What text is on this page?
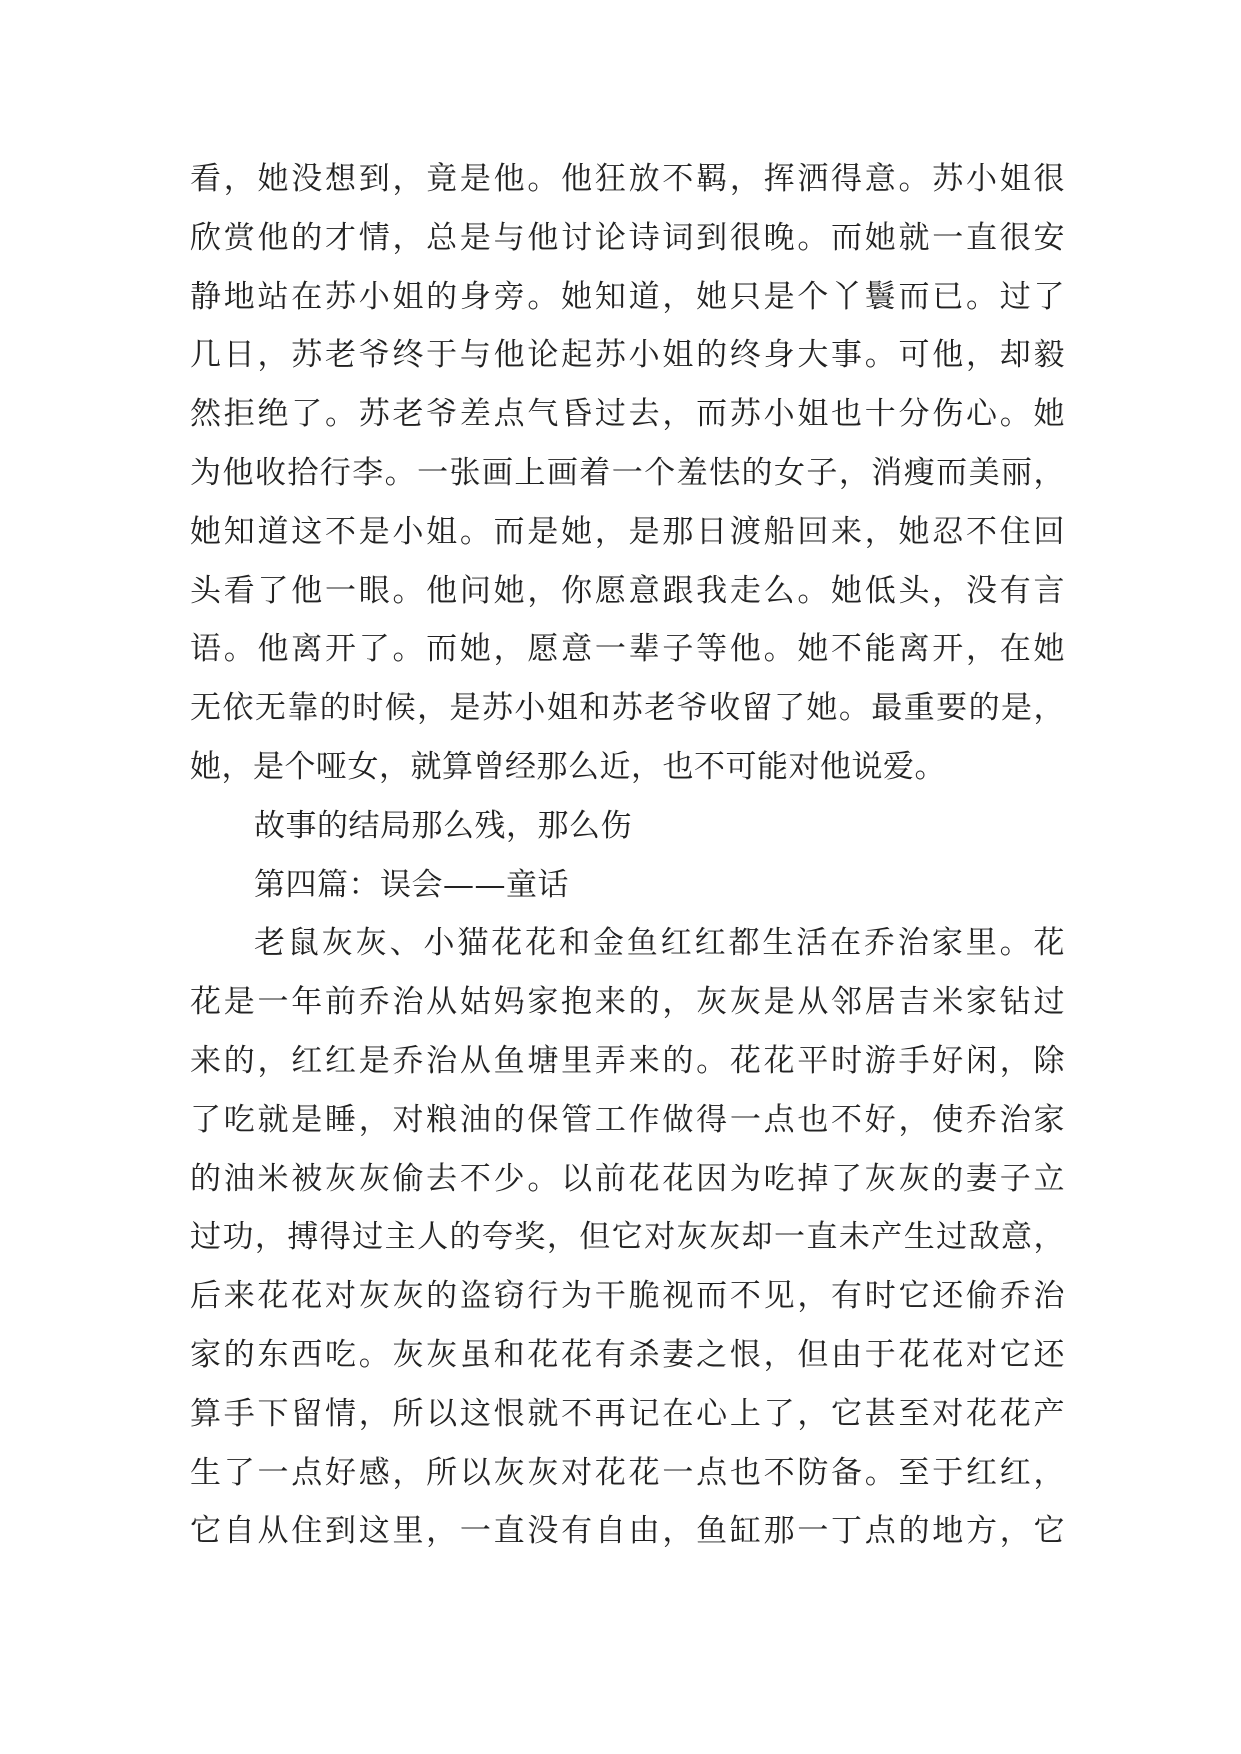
看，她没想到，竟是他。他狂放不羁，挥洒得意。苏小姐很
欣赏他的才情，总是与他讨论诗词到很晚。而她就一直很安
静地站在苏小姐的身旁。她知道，她只是个丫鬟而已。过了
几日，苏老爷终于与他论起苏小姐的终身大事。可他，却毅
然拒绝了。苏老爷差点气昏过去，而苏小姐也十分伤心。她
为他收拾行李。一张画上画着一个羞怯的女子，消瘦而美丽，
她知道这不是小姐。而是她，是那日渡船回来，她忍不住回
头看了他一眼。他问她，你愿意跟我走么。她低头，没有言
语。他离开了。而她，愿意一辈子等他。她不能离开，在她
无依无靠的时候，是苏小姐和苏老爷收留了她。最重要的是，
她，是个哑女，就算曾经那么近，也不可能对他说爱。
故事的结局那么残，那么伤
第四篇：误会——童话
老鼠灰灰、小猫花花和金鱼红红都生活在乔治家里。花
花是一年前乔治从姑妈家抱来的，灰灰是从邻居吉米家钻过
来的，红红是乔治从鱼塘里弄来的。花花平时游手好闲，除
了吃就是睡，对粮油的保管工作做得一点也不好，使乔治家
的油米被灰灰偷去不少。以前花花因为吃掉了灰灰的妻子立
过功，搏得过主人的夸奖，但它对灰灰却一直未产生过敌意，
后来花花对灰灰的盗窃行为干脆视而不见，有时它还偷乔治
家的东西吃。灰灰虽和花花有杀妻之恨，但由于花花对它还
算手下留情，所以这恨就不再记在心上了，它甚至对花花产
生了一点好感，所以灰灰对花花一点也不防备。至于红红，
它自从住到这里，一直没有自由，鱼缸那一丁点的地方，它
